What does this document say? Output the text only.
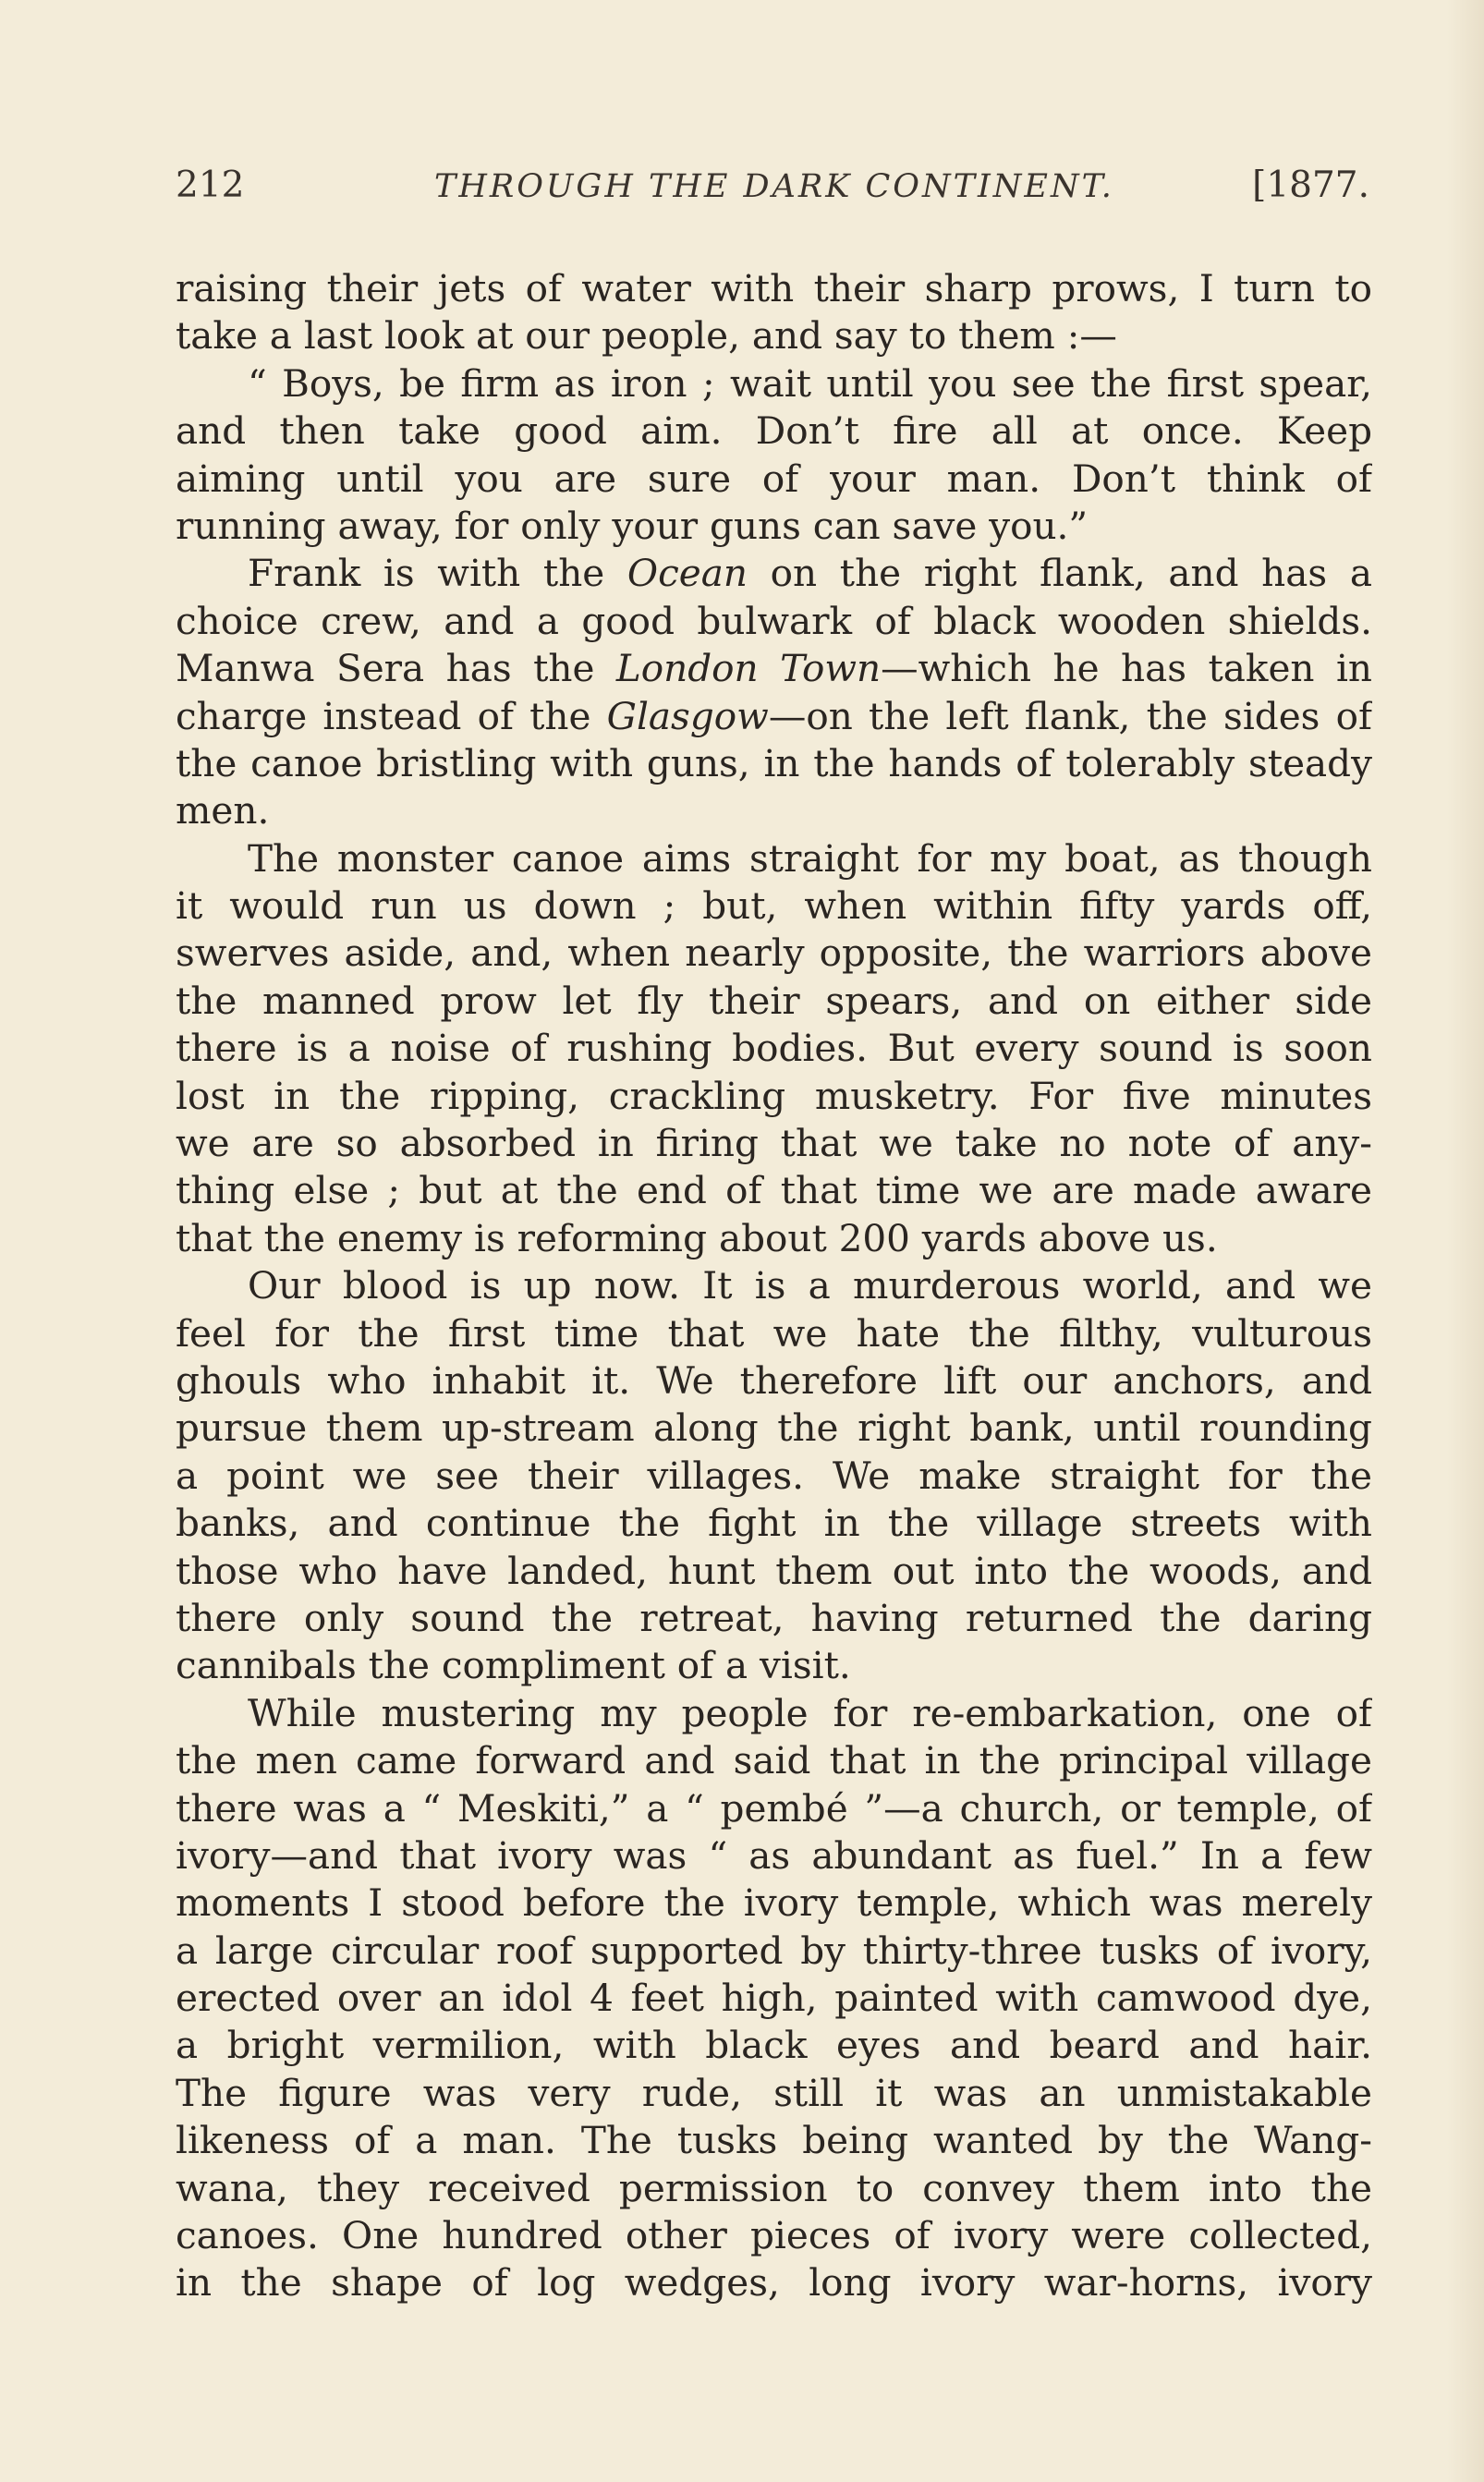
212	THROUGH THE DARK CONTINENT.	[1877.
raising their jets of water with their sharp prows, I turn to
take a last look at our people, and say to them :—
“ Boys, be firm as iron ; wait until you see the first spear,
and then take good aim. Don’t fire all at once. Keep
aiming until you are sure of your man. Don’t think of
running away, for only your guns can save you.”
Frank is with the Ocean on the right flank, and has a
choice crew, and a good bulwark of black wooden shields.
Manwa Sera has the London Town—which he has taken in
charge instead of the Glasgow—on the left flank, the sides of
the canoe bristling with guns, in the hands of tolerably steady
men.
The monster canoe aims straight for my boat, as though
it would run us down ; but, when within fifty yards off,
swerves aside, and, when nearly opposite, the warriors above
the manned prow let fly their spears, and on either side
there is a noise of rushing bodies. But every sound is soon
lost in the ripping, crackling musketry. For five minutes
we are so absorbed in firing that we take no note of any-
thing else ; but at the end of that time we are made aware
that the enemy is reforming about 200 yards above us.
Our blood is up now. It is a murderous world, and we
feel for the first time that we hate the filthy, vulturous
ghouls who inhabit it. We therefore lift our anchors, and
pursue them up-stream along the right bank, until rounding
a point we see their villages. We make straight for the
banks, and continue the fight in the village streets with
those who have landed, hunt them out into the woods, and
there only sound the retreat, having returned the daring
cannibals the compliment of a visit.
While mustering my people for re-embarkation, one of
the men came forward and said that in the principal village
there was a “ Meskiti,” a “ pembé ”—a church, or temple, of
ivory—and that ivory was “ as abundant as fuel.” In a few
moments I stood before the ivory temple, which was merely
a large circular roof supported by thirty-three tusks of ivory,
erected over an idol 4 feet high, painted with camwood dye,
a bright vermilion, with black eyes and beard and hair.
The figure was very rude, still it was an unmistakable
likeness of a man. The tusks being wanted by the Wang-
wana, they received permission to convey them into the
canoes. One hundred other pieces of ivory were collected,
in the shape of log wedges, long ivory war-horns, ivory
